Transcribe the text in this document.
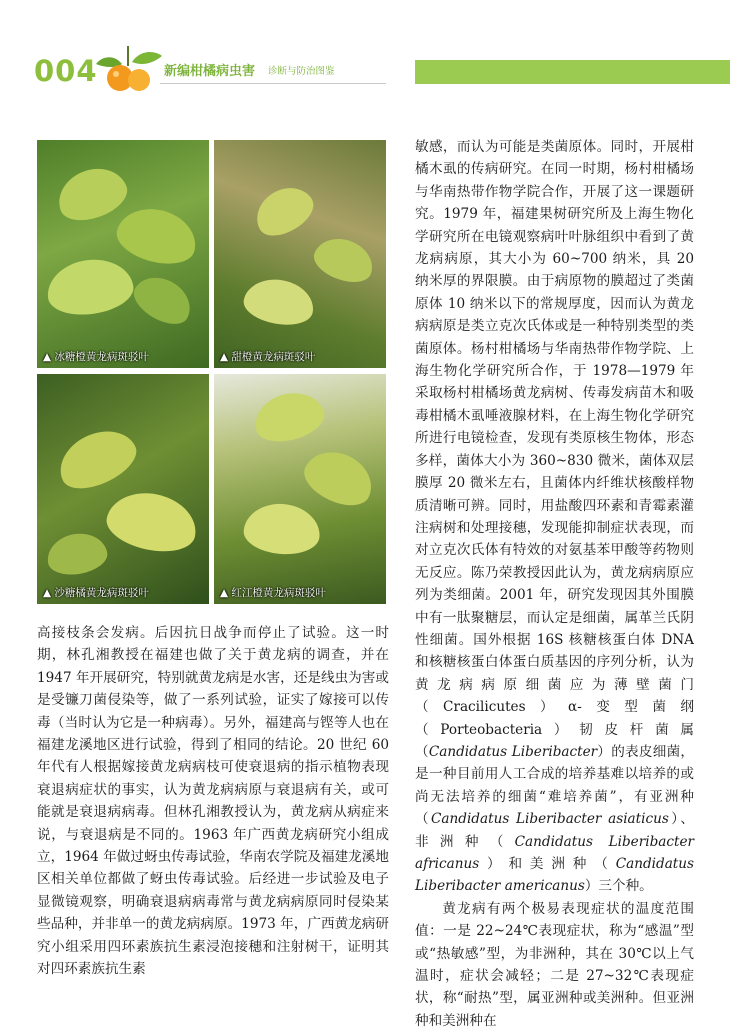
004	新编柑橘病虫害 诊断与防治图鉴
▲ 冰糖橙黄龙病斑驳叶	▲ 甜橙黄龙病斑驳叶
▲ 沙糖橘黄龙病斑驳叶	▲ 红江橙黄龙病斑驳叶

敏感，而认为可能是类菌原体。同时，开展柑橘木虱的传病研究。在同一时期，杨村柑橘场与华南热带作物学院合作，开展了这一课题研究。1979 年，福建果树研究所及上海生物化学研究所在电镜观察病叶叶脉组织中看到了黄龙病病原，其大小为 60~700 纳米，具 20 纳米厚的界限膜。由于病原物的膜超过了类菌原体 10 纳米以下的常规厚度，因而认为黄龙病病原是类立克次氏体或是一种特别类型的类菌原体。杨村柑橘场与华南热带作物学院、上海生物化学研究所合作，于 1978—1979 年采取杨村柑橘场黄龙病树、传毒发病苗木和吸毒柑橘木虱唾液腺材料，在上海生物化学研究所进行电镜检查，发现有类原核生物体，形态多样，菌体大小为 360~830 微米，菌体双层膜厚 20 微米左右，且菌体内纤维状核酸样物质清晰可辨。同时，用盐酸四环素和青霉素灌注病树和处理接穗，发现能抑制症状表现，而对立克次氏体有特效的对氨基苯甲酸等药物则无反应。陈乃荣教授因此认为，黄龙病病原应列为类细菌。2001 年，研究发现因其外围膜中有一肽聚糖层，而认定是细菌，属革兰氏阴性细菌。国外根据 16S 核糖核蛋白体 DNA 和核糖核蛋白体蛋白质基因的序列分析，认为黄龙病病原细菌应为薄壁菌门（Cracilicutes）α-变型菌纲（Porteobacteria）韧皮杆菌属（Candidatus Liberibacter）的表皮细菌，是一种目前用人工合成的培养基难以培养的或尚无法培养的细菌“难培养菌”，有亚洲种（Candidatus Liberibacter asiaticus）、非洲种（Candidatus Liberibacter africanus）和美洲种（Candidatus Liberibacter americanus）三个种。

黄龙病有两个极易表现症状的温度范围值：一是 22~24℃表现症状，称为“感温”型或“热敏感”型，为非洲种，其在 30℃以上气温时，症状会减轻；二是 27~32℃表现症状，称“耐热”型，属亚洲种或美洲种。但亚洲种和美洲种在

高接枝条会发病。后因抗日战争而停止了试验。这一时期，林孔湘教授在福建也做了关于黄龙病的调查，并在 1947 年开展研究，特别就黄龙病是水害，还是线虫为害或是受镰刀菌侵染等，做了一系列试验，证实了嫁接可以传毒（当时认为它是一种病毒）。另外，福建高与铿等人也在福建龙溪地区进行试验，得到了相同的结论。20 世纪 60 年代有人根据嫁接黄龙病病枝可使衰退病的指示植物表现衰退病症状的事实，认为黄龙病病原与衰退病有关，或可能就是衰退病病毒。但林孔湘教授认为，黄龙病从病症来说，与衰退病是不同的。1963 年广西黄龙病研究小组成立，1964 年做过蚜虫传毒试验，华南农学院及福建龙溪地区相关单位都做了蚜虫传毒试验。后经进一步试验及电子显微镜观察，明确衰退病病毒常与黄龙病病原同时侵染某些品种，并非单一的黄龙病病原。1973 年，广西黄龙病研究小组采用四环素族抗生素浸泡接穗和注射树干，证明其对四环素族抗生素
